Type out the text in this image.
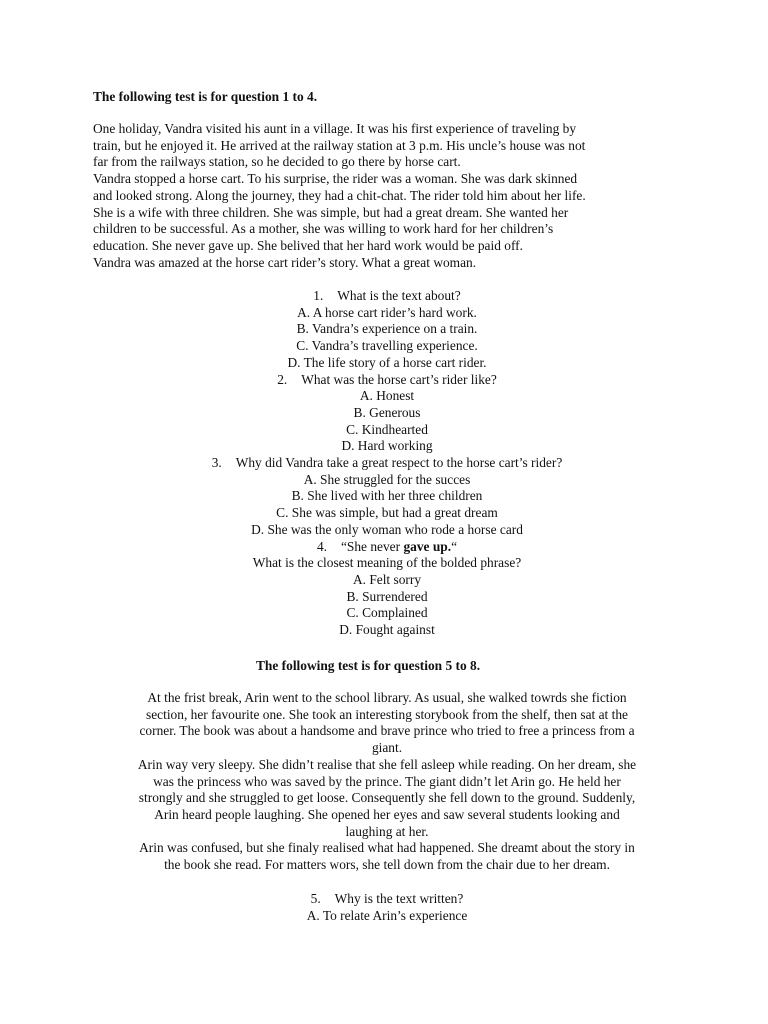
The following test is for question 1 to 4.
One holiday, Vandra visited his aunt in a village. It was his first experience of traveling by
train, but he enjoyed it. He arrived at the railway station at 3 p.m. His uncle’s house was not
far from the railways station, so he decided to go there by horse cart.
Vandra stopped a horse cart. To his surprise, the rider was a woman. She was dark skinned
and looked strong. Along the journey, they had a chit-chat. The rider told him about her life.
She is a wife with three children. She was simple, but had a great dream. She wanted her
children to be successful. As a mother, she was willing to work hard for her children’s
education. She never gave up. She belived that her hard work would be paid off.
Vandra was amazed at the horse cart rider’s story. What a great woman.
1. What is the text about?
A. A horse cart rider’s hard work.
B. Vandra’s experience on a train.
C. Vandra’s travelling experience.
D. The life story of a horse cart rider.
2. What was the horse cart’s rider like?
A. Honest
B. Generous
C. Kindhearted
D. Hard working
3. Why did Vandra take a great respect to the horse cart’s rider?
A. She struggled for the succes
B. She lived with her three children
C. She was simple, but had a great dream
D. She was the only woman who rode a horse card
4. “She never gave up.“
What is the closest meaning of the bolded phrase?
A. Felt sorry
B. Surrendered
C. Complained
D. Fought against
The following test is for question 5 to 8.
At the frist break, Arin went to the school library. As usual, she walked towrds she fiction
section, her favourite one. She took an interesting storybook from the shelf, then sat at the
corner. The book was about a handsome and brave prince who tried to free a princess from a
giant.
Arin way very sleepy. She didn’t realise that she fell asleep while reading. On her dream, she
was the princess who was saved by the prince. The giant didn’t let Arin go. He held her
strongly and she struggled to get loose. Consequently she fell down to the ground. Suddenly,
Arin heard people laughing. She opened her eyes and saw several students looking and
laughing at her.
Arin was confused, but she finaly realised what had happened. She dreamt about the story in
the book she read. For matters wors, she tell down from the chair due to her dream.
5. Why is the text written?
A. To relate Arin’s experience
